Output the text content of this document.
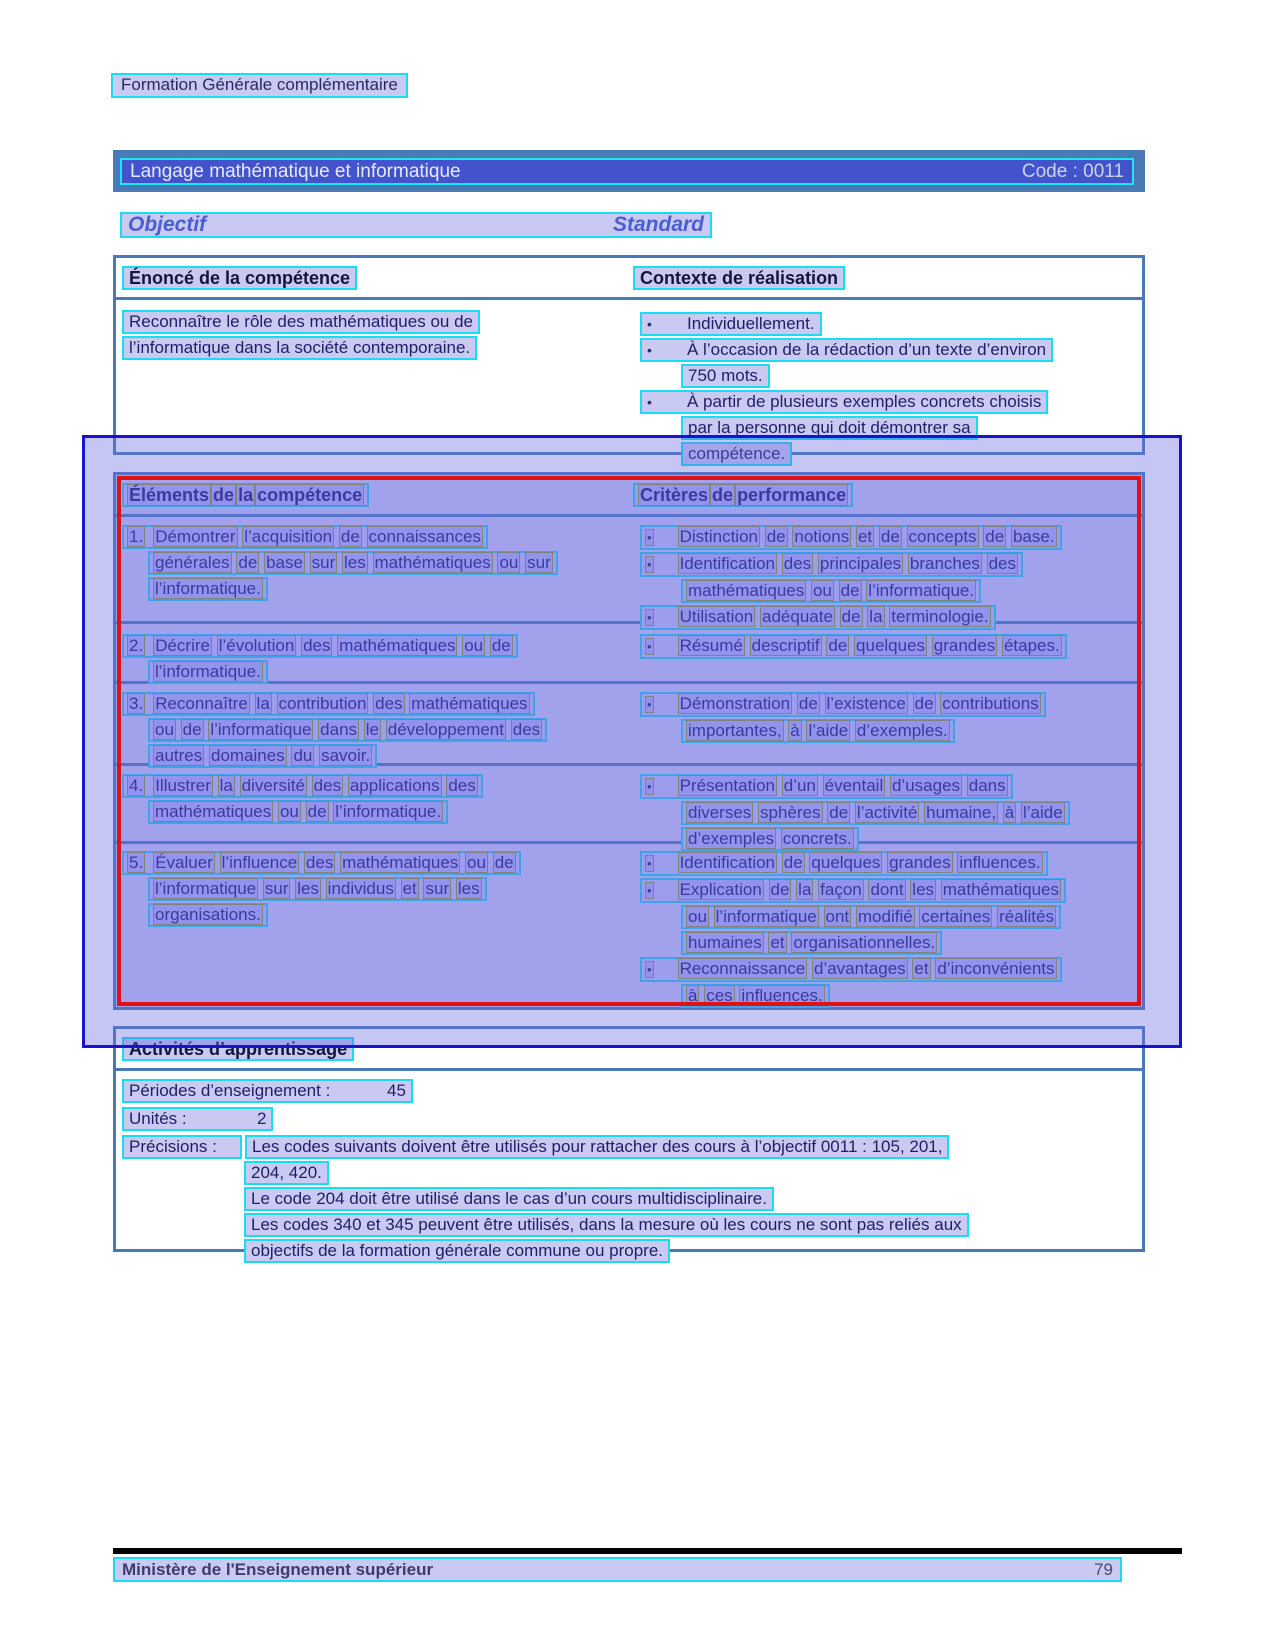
Formation Générale complémentaire
Langage mathématique et informatique	Code : 0011
Objectif	Standard
Énoncé de la compétence	Contexte de réalisation
Reconnaître le rôle des mathématiques ou de
l’informatique dans la société contemporaine.
• Individuellement.
• À l’occasion de la rédaction d’un texte d’environ
750 mots.
• À partir de plusieurs exemples concrets choisis
par la personne qui doit démontrer sa
compétence.
Éléments de la compétence	Critères de performance
1. Démontrer l’acquisition de connaissances
générales de base sur les mathématiques ou sur
l’informatique.
• Distinction de notions et de concepts de base.
• Identification des principales branches des
mathématiques ou de l’informatique.
• Utilisation adéquate de la terminologie.
2. Décrire l’évolution des mathématiques ou de
l’informatique.
• Résumé descriptif de quelques grandes étapes.
3. Reconnaître la contribution des mathématiques
ou de l’informatique dans le développement des
autres domaines du savoir.
• Démonstration de l’existence de contributions
importantes, à l’aide d’exemples.
4. Illustrer la diversité des applications des
mathématiques ou de l’informatique.
• Présentation d’un éventail d’usages dans
diverses sphères de l’activité humaine, à l’aide
d’exemples concrets.
5. Évaluer l’influence des mathématiques ou de
l’informatique sur les individus et sur les
organisations.
• Identification de quelques grandes influences.
• Explication de la façon dont les mathématiques
ou l’informatique ont modifié certaines réalités
humaines et organisationnelles.
• Reconnaissance d’avantages et d’inconvénients
à ces influences.
Activités d’apprentissage
Périodes d’enseignement :	45
Unités :	2
Précisions : Les codes suivants doivent être utilisés pour rattacher des cours à l’objectif 0011 : 105, 201,
204, 420.
Le code 204 doit être utilisé dans le cas d’un cours multidisciplinaire.
Les codes 340 et 345 peuvent être utilisés, dans la mesure où les cours ne sont pas reliés aux
objectifs de la formation générale commune ou propre.
Ministère de l'Enseignement supérieur	79
